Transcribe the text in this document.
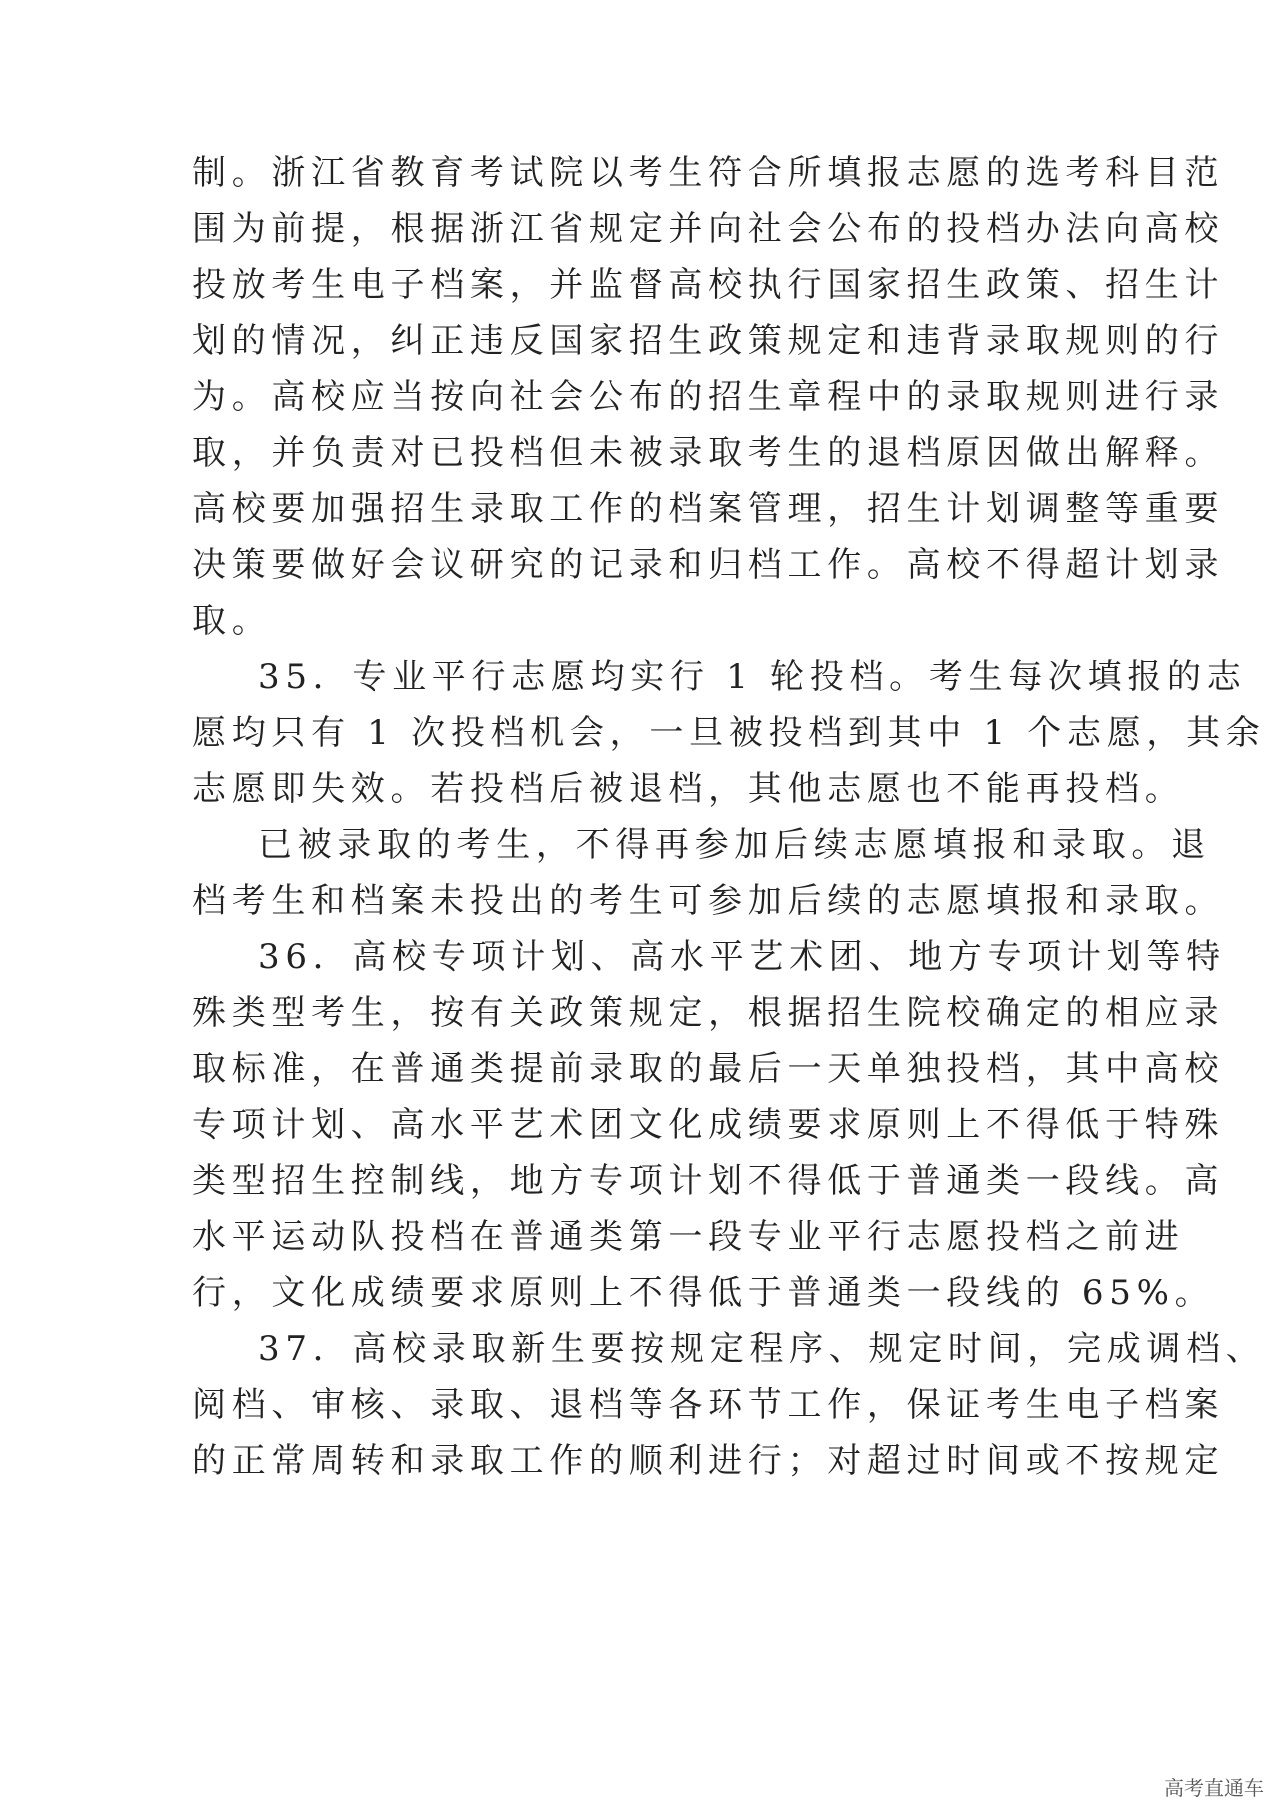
制。浙江省教育考试院以考生符合所填报志愿的选考科目范
围为前提，根据浙江省规定并向社会公布的投档办法向高校
投放考生电子档案，并监督高校执行国家招生政策、招生计
划的情况，纠正违反国家招生政策规定和违背录取规则的行
为。高校应当按向社会公布的招生章程中的录取规则进行录
取，并负责对已投档但未被录取考生的退档原因做出解释。
高校要加强招生录取工作的档案管理，招生计划调整等重要
决策要做好会议研究的记录和归档工作。高校不得超计划录
取。
35．专业平行志愿均实行 1 轮投档。考生每次填报的志
愿均只有 1 次投档机会，一旦被投档到其中 1 个志愿，其余
志愿即失效。若投档后被退档，其他志愿也不能再投档。
已被录取的考生，不得再参加后续志愿填报和录取。退
档考生和档案未投出的考生可参加后续的志愿填报和录取。
36．高校专项计划、高水平艺术团、地方专项计划等特
殊类型考生，按有关政策规定，根据招生院校确定的相应录
取标准，在普通类提前录取的最后一天单独投档，其中高校
专项计划、高水平艺术团文化成绩要求原则上不得低于特殊
类型招生控制线，地方专项计划不得低于普通类一段线。高
水平运动队投档在普通类第一段专业平行志愿投档之前进
行，文化成绩要求原则上不得低于普通类一段线的 65%。
37．高校录取新生要按规定程序、规定时间，完成调档、
阅档、审核、录取、退档等各环节工作，保证考生电子档案
的正常周转和录取工作的顺利进行；对超过时间或不按规定
高考直通车
